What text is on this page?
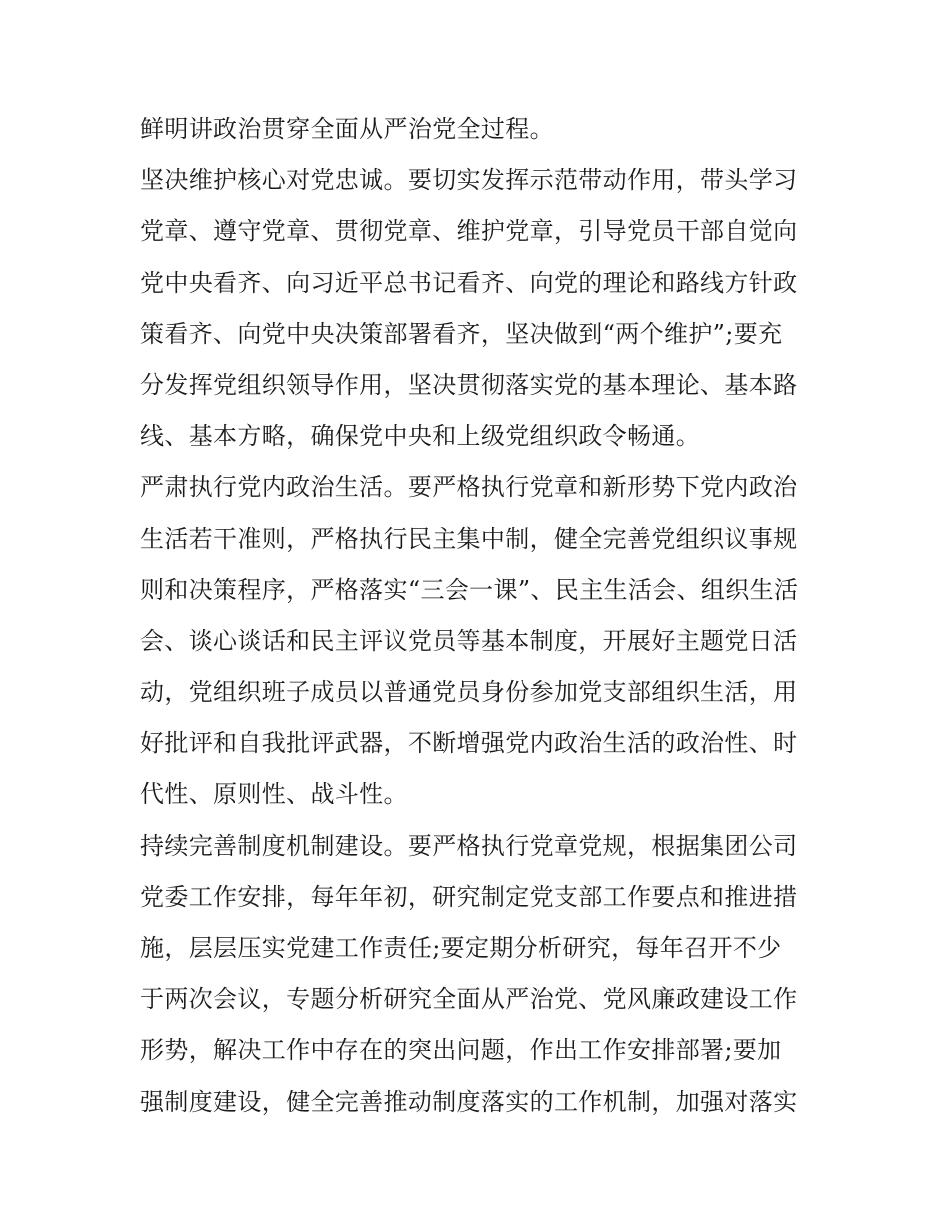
鲜明讲政治贯穿全面从严治党全过程。
坚决维护核心对党忠诚。要切实发挥示范带动作用，带头学习
党章、遵守党章、贯彻党章、维护党章，引导党员干部自觉向
党中央看齐、向习近平总书记看齐、向党的理论和路线方针政
策看齐、向党中央决策部署看齐，坚决做到“两个维护”;要充
分发挥党组织领导作用，坚决贯彻落实党的基本理论、基本路
线、基本方略，确保党中央和上级党组织政令畅通。
严肃执行党内政治生活。要严格执行党章和新形势下党内政治
生活若干准则，严格执行民主集中制，健全完善党组织议事规
则和决策程序，严格落实“三会一课”、民主生活会、组织生活
会、谈心谈话和民主评议党员等基本制度，开展好主题党日活
动，党组织班子成员以普通党员身份参加党支部组织生活，用
好批评和自我批评武器，不断增强党内政治生活的政治性、时
代性、原则性、战斗性。
持续完善制度机制建设。要严格执行党章党规，根据集团公司
党委工作安排，每年年初，研究制定党支部工作要点和推进措
施，层层压实党建工作责任;要定期分析研究，每年召开不少
于两次会议，专题分析研究全面从严治党、党风廉政建设工作
形势，解决工作中存在的突出问题，作出工作安排部署;要加
强制度建设，健全完善推动制度落实的工作机制，加强对落实
